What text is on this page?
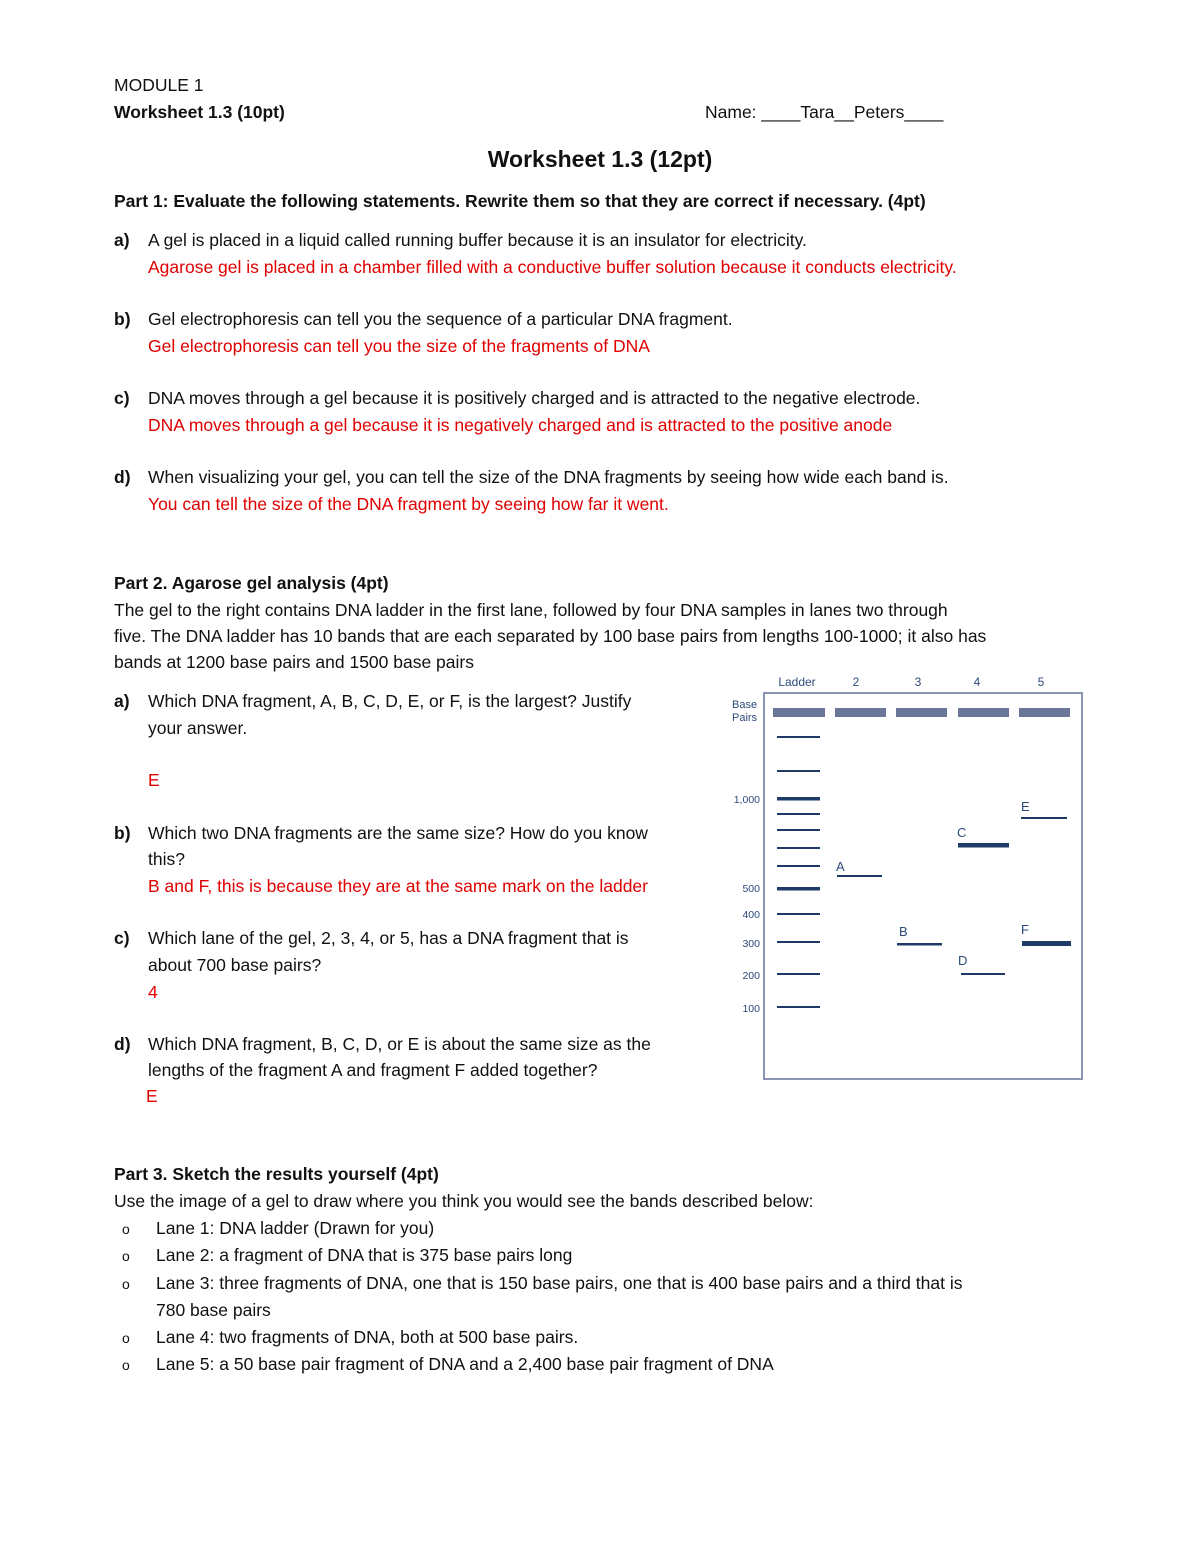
MODULE 1
Worksheet 1.3 (10pt)	Name: ____Tara__Peters____
Worksheet 1.3 (12pt)
Part 1: Evaluate the following statements. Rewrite them so that they are correct if necessary. (4pt)
a) A gel is placed in a liquid called running buffer because it is an insulator for electricity.
Agarose gel is placed in a chamber filled with a conductive buffer solution because it conducts electricity.
b) Gel electrophoresis can tell you the sequence of a particular DNA fragment.
Gel electrophoresis can tell you the size of the fragments of DNA
c) DNA moves through a gel because it is positively charged and is attracted to the negative electrode.
DNA moves through a gel because it is negatively charged and is attracted to the positive anode
d) When visualizing your gel, you can tell the size of the DNA fragments by seeing how wide each band is.
You can tell the size of the DNA fragment by seeing how far it went.
Part 2. Agarose gel analysis (4pt)
The gel to the right contains DNA ladder in the first lane, followed by four DNA samples in lanes two through
five. The DNA ladder has 10 bands that are each separated by 100 base pairs from lengths 100-1000; it also has
bands at 1200 base pairs and 1500 base pairs
a) Which DNA fragment, A, B, C, D, E, or F, is the largest? Justify
your answer.
E
b) Which two DNA fragments are the same size? How do you know
this?
B and F, this is because they are at the same mark on the ladder
c) Which lane of the gel, 2, 3, 4, or 5, has a DNA fragment that is
about 700 base pairs?
4
d) Which DNA fragment, B, C, D, or E is about the same size as the
lengths of the fragment A and fragment F added together?
E
Ladder	2	3	4	5
Base
Pairs
1,000
500
400
300
200
100
A
B
C
D
E
F
Part 3. Sketch the results yourself (4pt)
Use the image of a gel to draw where you think you would see the bands described below:
o Lane 1: DNA ladder (Drawn for you)
o Lane 2: a fragment of DNA that is 375 base pairs long
o Lane 3: three fragments of DNA, one that is 150 base pairs, one that is 400 base pairs and a third that is
780 base pairs
o Lane 4: two fragments of DNA, both at 500 base pairs.
o Lane 5: a 50 base pair fragment of DNA and a 2,400 base pair fragment of DNA
